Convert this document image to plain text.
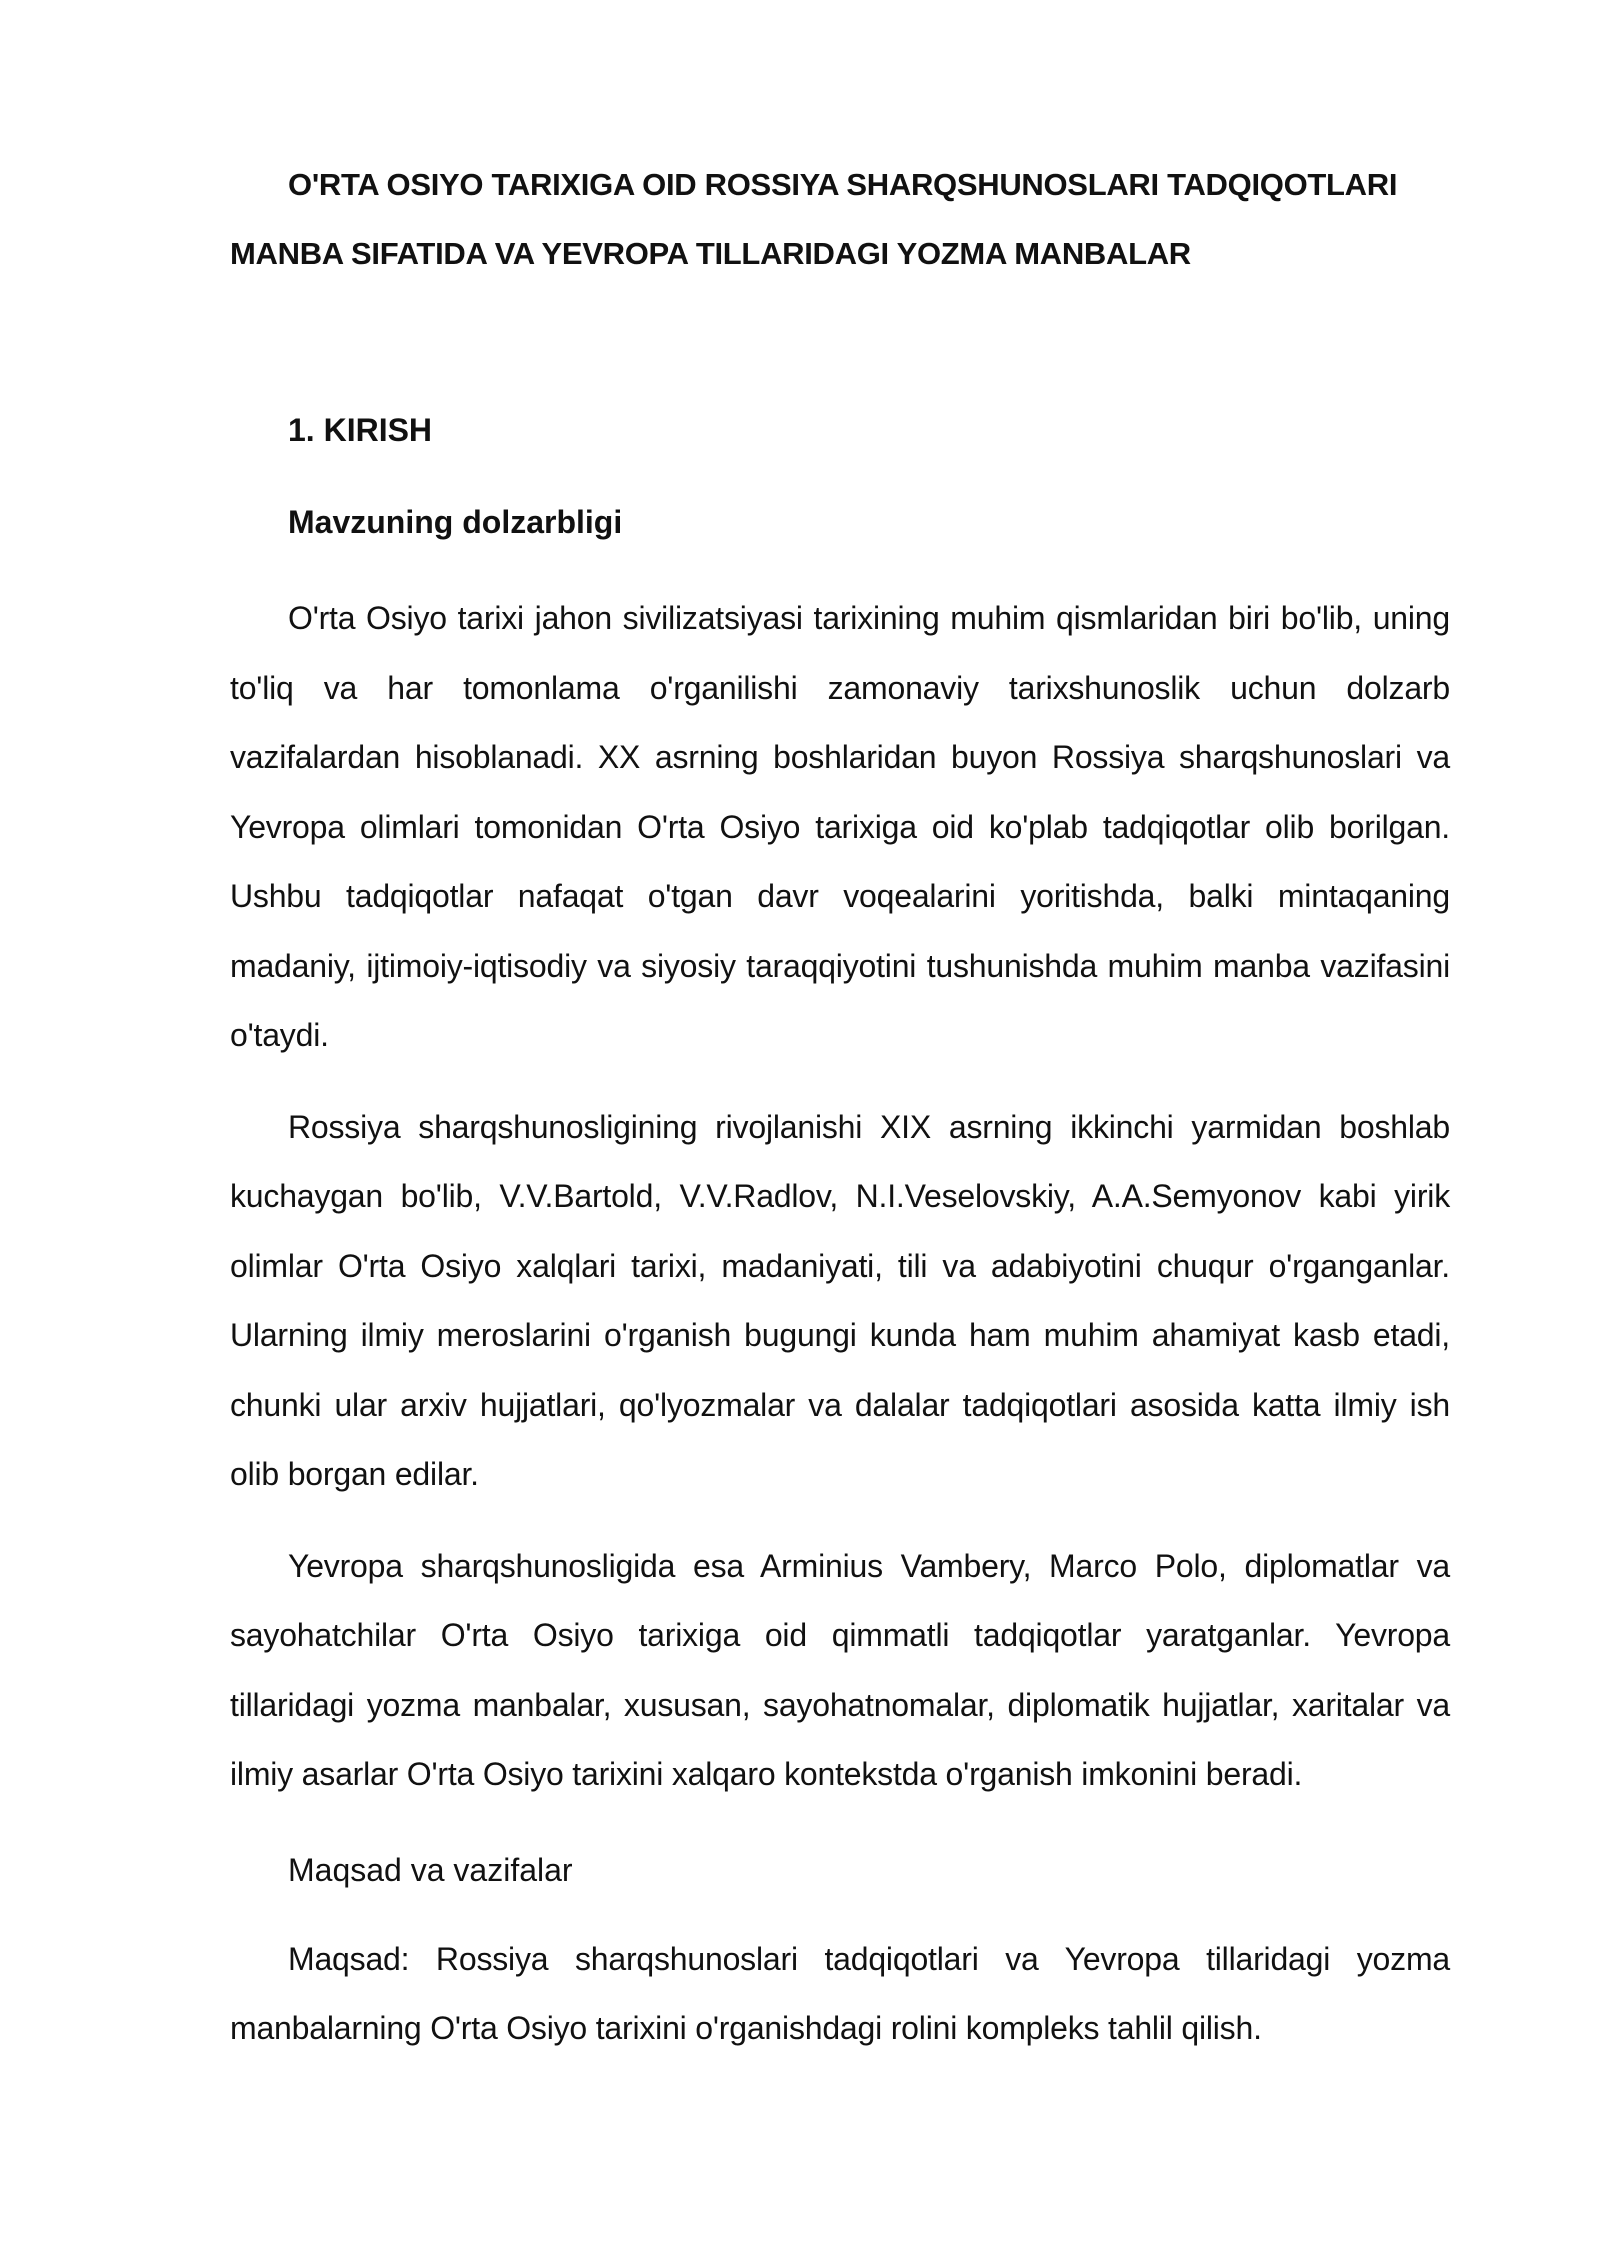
O'RTA OSIYO TARIXIGA OID ROSSIYA SHARQSHUNOSLARI TADQIQOTLARI
MANBA SIFATIDA VA YEVROPA TILLARIDAGI YOZMA MANBALAR

1. KIRISH

Mavzuning dolzarbligi

O'rta Osiyo tarixi jahon sivilizatsiyasi tarixining muhim qismlaridan biri bo'lib, uning to'liq va har tomonlama o'rganilishi zamonaviy tarixshunoslik uchun dolzarb vazifalardan hisoblanadi. XX asrning boshlaridan buyon Rossiya sharqshunoslari va Yevropa olimlari tomonidan O'rta Osiyo tarixiga oid ko'plab tadqiqotlar olib borilgan. Ushbu tadqiqotlar nafaqat o'tgan davr voqealarini yoritishda, balki mintaqaning madaniy, ijtimoiy-iqtisodiy va siyosiy taraqqiyotini tushunishda muhim manba vazifasini o'taydi.

Rossiya sharqshunosligining rivojlanishi XIX asrning ikkinchi yarmidan boshlab kuchaygan bo'lib, V.V.Bartold, V.V.Radlov, N.I.Veselovskiy, A.A.Semyonov kabi yirik olimlar O'rta Osiyo xalqlari tarixi, madaniyati, tili va adabiyotini chuqur o'rganganlar. Ularning ilmiy meroslarini o'rganish bugungi kunda ham muhim ahamiyat kasb etadi, chunki ular arxiv hujjatlari, qo'lyozmalar va dalalar tadqiqotlari asosida katta ilmiy ish olib borgan edilar.

Yevropa sharqshunosligida esa Arminius Vambery, Marco Polo, diplomatlar va sayohatchilar O'rta Osiyo tarixiga oid qimmatli tadqiqotlar yaratganlar. Yevropa tillaridagi yozma manbalar, xususan, sayohatnomalar, diplomatik hujjatlar, xaritalar va ilmiy asarlar O'rta Osiyo tarixini xalqaro kontekstda o'rganish imkonini beradi.

Maqsad va vazifalar

Maqsad: Rossiya sharqshunoslari tadqiqotlari va Yevropa tillaridagi yozma manbalarning O'rta Osiyo tarixini o'rganishdagi rolini kompleks tahlil qilish.
